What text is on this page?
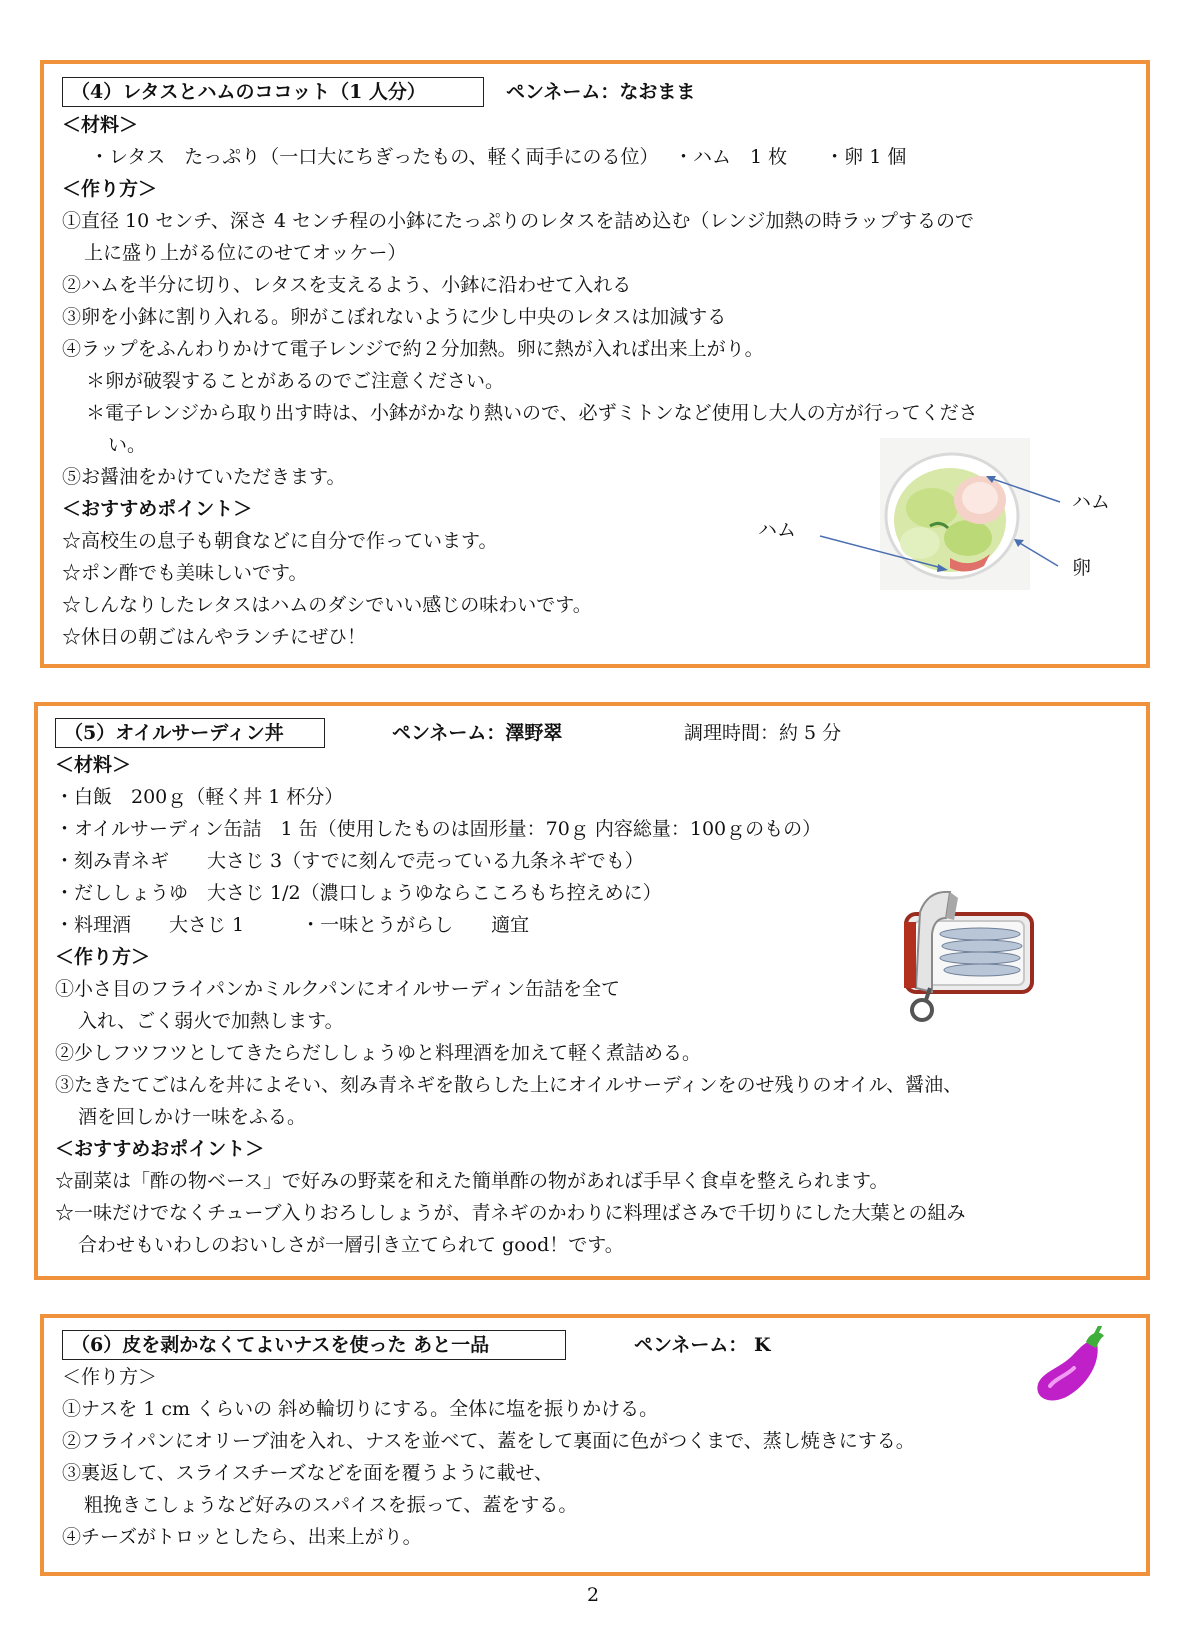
（4）レタスとハムのココット（1 人分）	ペンネーム：なおまま
＜材料＞
・レタス　たっぷり（一口大にちぎったもの、軽く両手にのる位）　 ・ハム　1 枚　　・卵 1 個
＜作り方＞
①直径 10 センチ、深さ 4 センチ程の小鉢にたっぷりのレタスを詰め込む（レンジ加熱の時ラップするので
上に盛り上がる位にのせてオッケー）
②ハムを半分に切り、レタスを支えるよう、小鉢に沿わせて入れる
③卵を小鉢に割り入れる。卵がこぼれないように少し中央のレタスは加減する
④ラップをふんわりかけて電子レンジで約２分加熱。卵に熱が入れば出来上がり。
＊卵が破裂することがあるのでご注意ください。
＊電子レンジから取り出す時は、小鉢がかなり熱いので、必ずミトンなど使用し大人の方が行ってくださ
い。
⑤お醤油をかけていただきます。
＜おすすめポイント＞
☆高校生の息子も朝食などに自分で作っています。
☆ポン酢でも美味しいです。
☆しんなりしたレタスはハムのダシでいい感じの味わいです。
☆休日の朝ごはんやランチにぜひ！
ハム
ハム
卵
（5）オイルサーディン丼	ペンネーム：澤野翠	調理時間：約 5 分
＜材料＞
・白飯　200ｇ（軽く丼 1 杯分）
・オイルサーディン缶詰　1 缶（使用したものは固形量：70ｇ 内容総量：100ｇのもの）
・刻み青ネギ　　大さじ 3（すでに刻んで売っている九条ネギでも）
・だししょうゆ　大さじ 1/2（濃口しょうゆならこころもち控えめに）
・料理酒　　大さじ 1　　　・一味とうがらし　　適宜
＜作り方＞
①小さ目のフライパンかミルクパンにオイルサーディン缶詰を全て
入れ、ごく弱火で加熱します。
②少しフツフツとしてきたらだししょうゆと料理酒を加えて軽く煮詰める。
③たきたてごはんを丼によそい、刻み青ネギを散らした上にオイルサーディンをのせ残りのオイル、醤油、
酒を回しかけ一味をふる。
＜おすすめおポイント＞
☆副菜は「酢の物ベース」で好みの野菜を和えた簡単酢の物があれば手早く食卓を整えられます。
☆一味だけでなくチューブ入りおろししょうが、青ネギのかわりに料理ばさみで千切りにした大葉との組み
合わせもいわしのおいしさが一層引き立てられて good！です。
（6）皮を剥かなくてよいナスを使った あと一品	ペンネーム： K
＜作り方＞
①ナスを 1 cm くらいの 斜め輪切りにする。全体に塩を振りかける。
②フライパンにオリーブ油を入れ、ナスを並べて、蓋をして裏面に色がつくまで、蒸し焼きにする。
③裏返して、スライスチーズなどを面を覆うように載せ、
粗挽きこしょうなど好みのスパイスを振って、蓋をする。
④チーズがトロッとしたら、出来上がり。
2
